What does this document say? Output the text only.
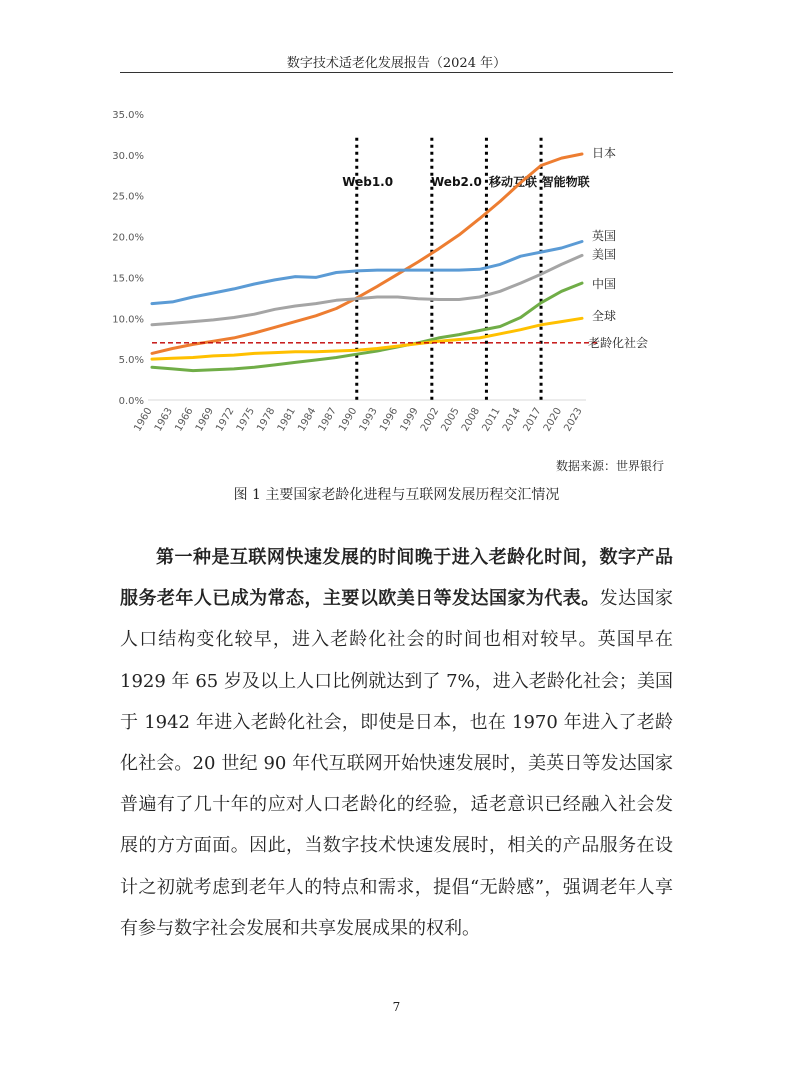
数字技术适老化发展报告（2024 年）
0.0%
5.0%
10.0%
15.0%
20.0%
25.0%
30.0%
35.0%
1960
1963
1966
1969
1972
1975
1978
1981
1984
1987
1990
1993
1996
1999
2002
2005
2008
2011
2014
2017
2020
2023
Web1.0	Web2.0 移动互联 智能物联
日本
英国
美国
中国
全球
老龄化社会
数据来源：世界银行
图 1 主要国家老龄化进程与互联网发展历程交汇情况

第一种是互联网快速发展的时间晚于进入老龄化时间，数字产品服务老年人已成为常态，主要以欧美日等发达国家为代表。发达国家人口结构变化较早，进入老龄化社会的时间也相对较早。英国早在 1929 年 65 岁及以上人口比例就达到了 7%，进入老龄化社会；美国于 1942 年进入老龄化社会，即使是日本，也在 1970 年进入了老龄化社会。20 世纪 90 年代互联网开始快速发展时，美英日等发达国家普遍有了几十年的应对人口老龄化的经验，适老意识已经融入社会发展的方方面面。因此，当数字技术快速发展时，相关的产品服务在设计之初就考虑到老年人的特点和需求，提倡“无龄感”，强调老年人享有参与数字社会发展和共享发展成果的权利。

7
